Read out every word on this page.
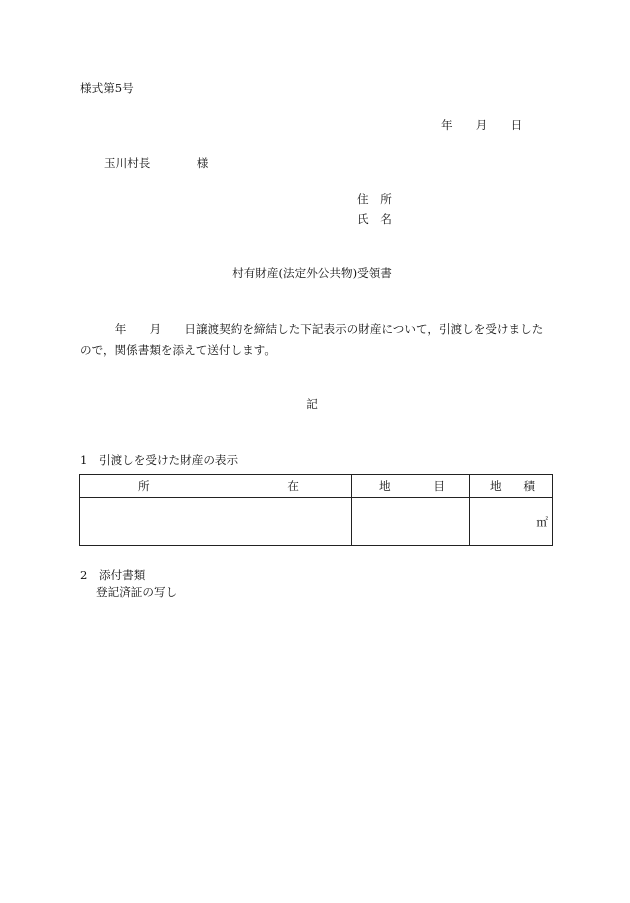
様式第5号
年　　月　　日
玉川村長　　　　	様
住　所
氏　名
村有財産(法定外公共物)受領書
　　　年　　月　　日譲渡契約を締結した下記表示の財産について，引渡しを受けました
ので，関係書類を添えて送付します。
記
1　引渡しを受けた財産の表示
所 在	地 目	地 積

		㎡
2　添付書類
登記済証の写し
